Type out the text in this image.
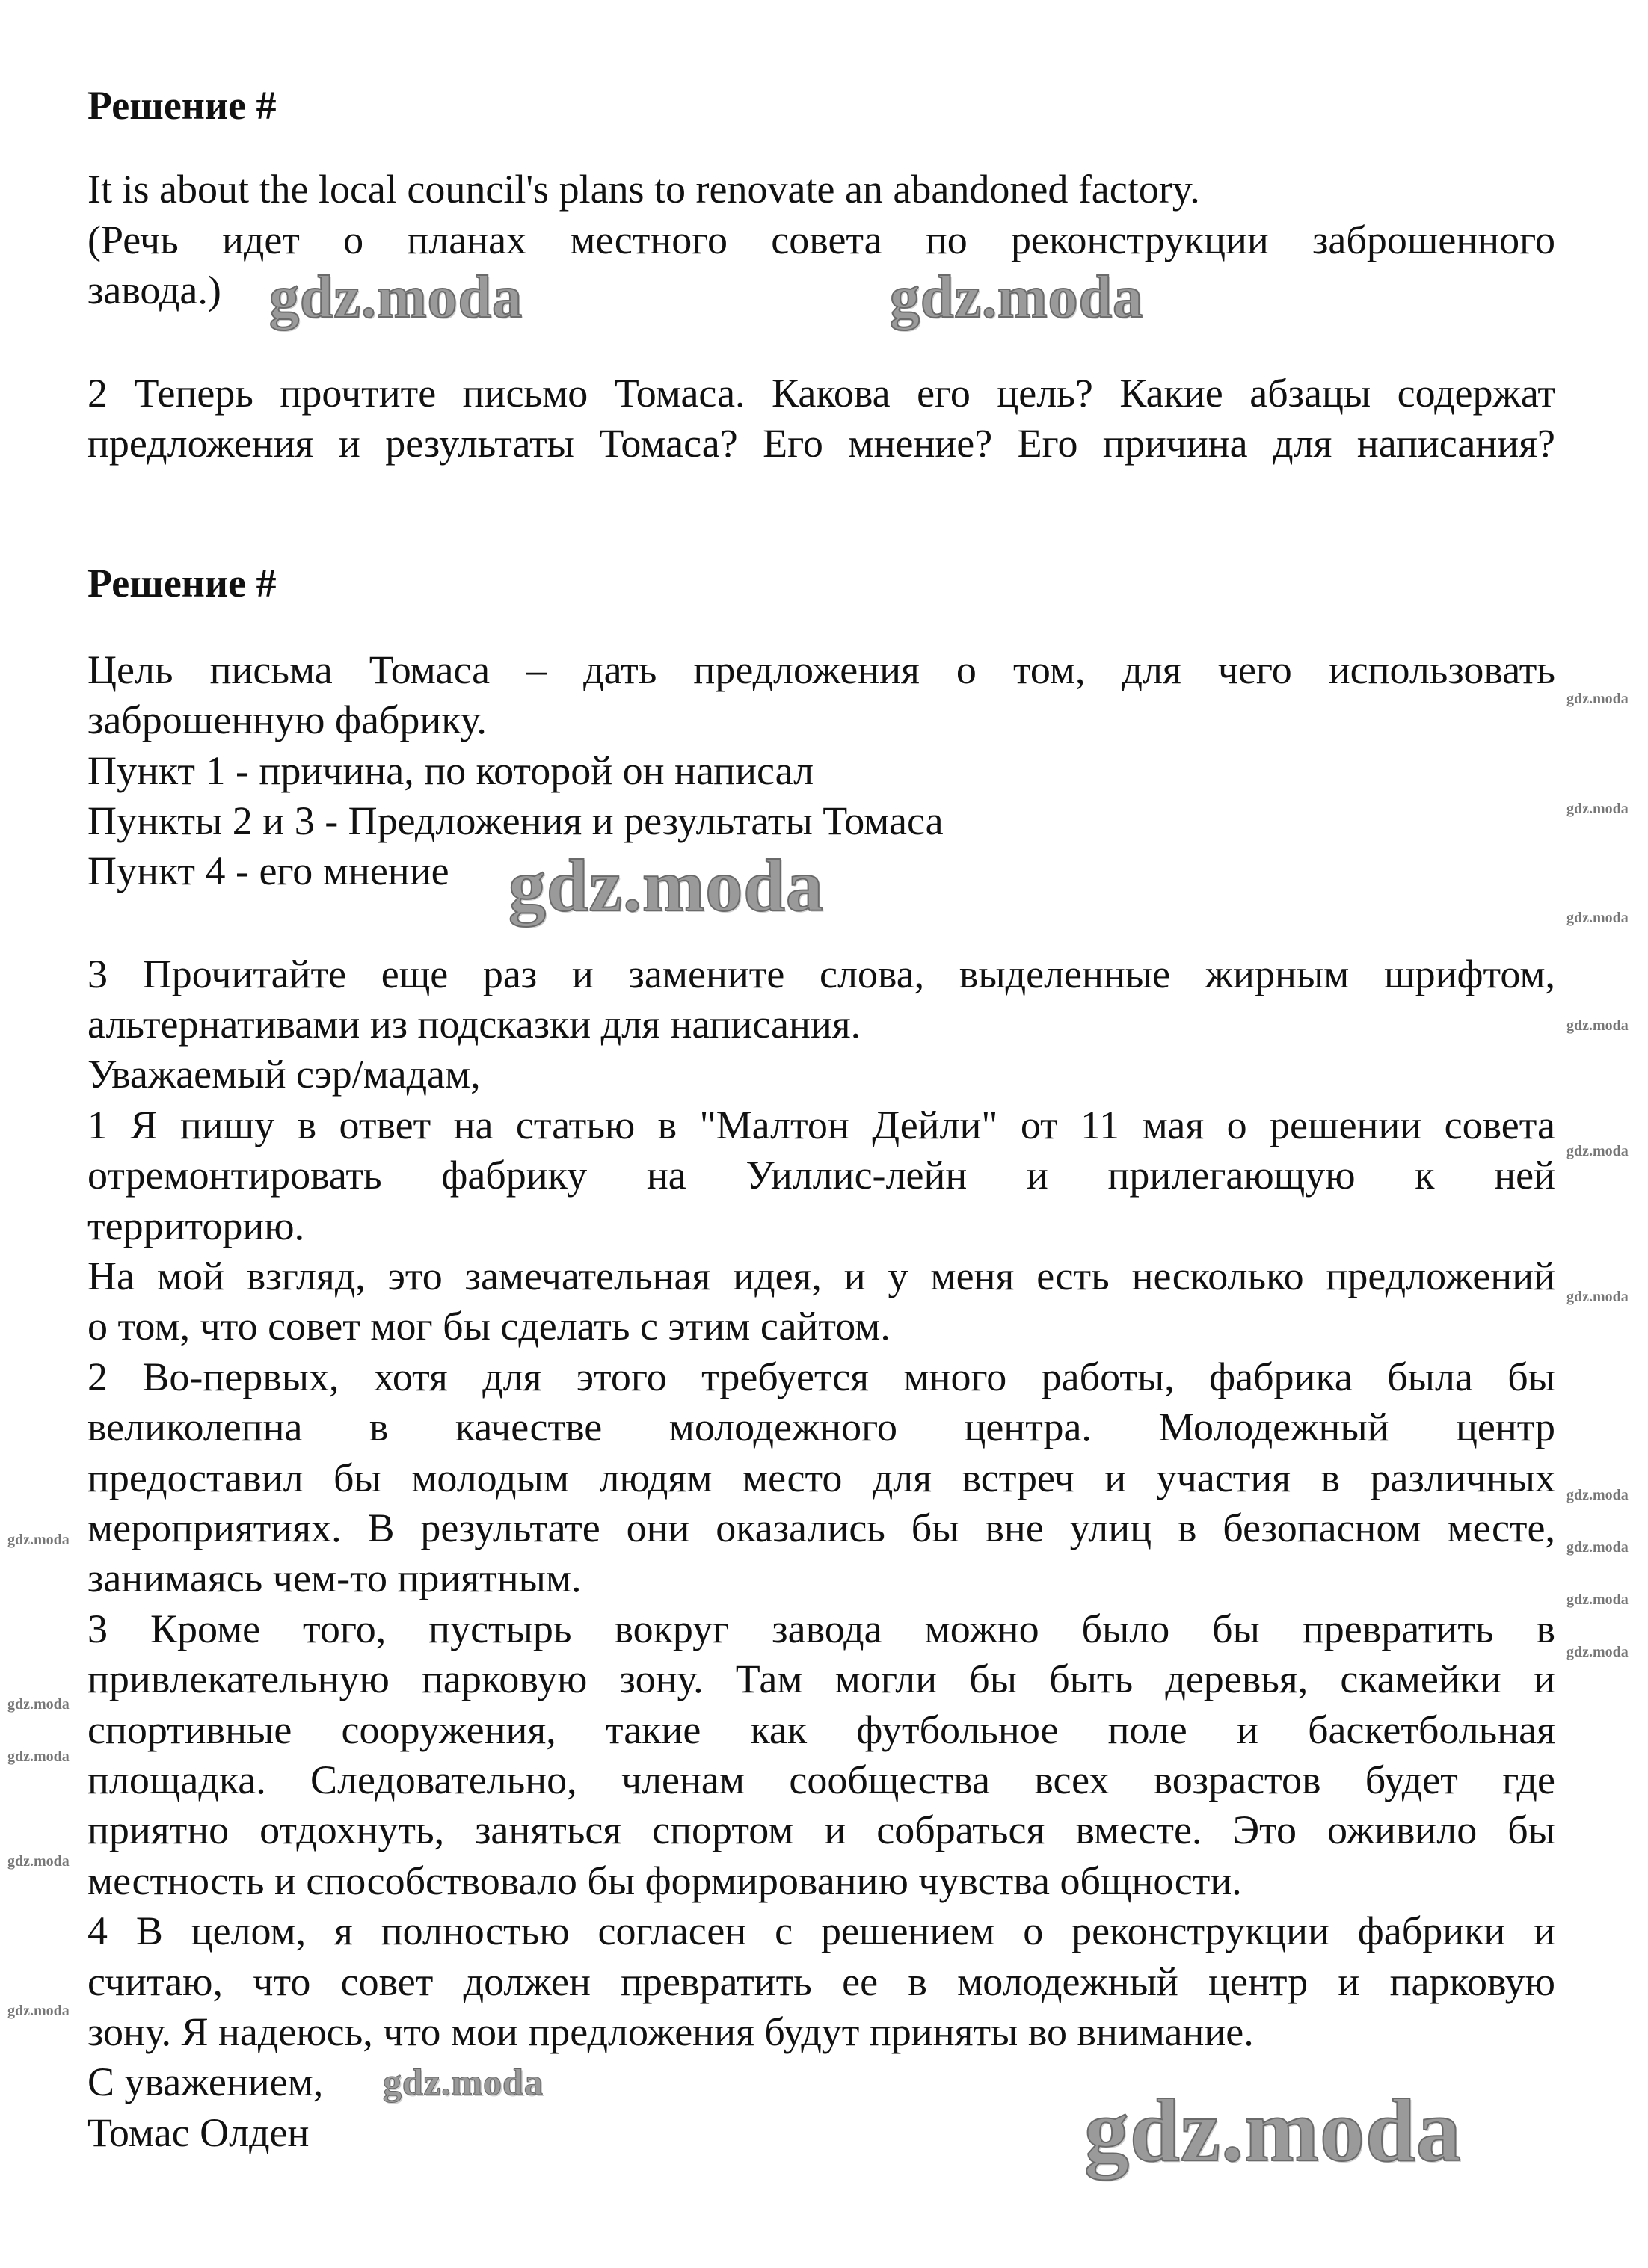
Решение #
It is about the local council's plans to renovate an abandoned factory.
(Речь идет о планах местного совета по реконструкции заброшенного
завода.)
2 Теперь прочтите письмо Томаса. Какова его цель? Какие абзацы содержат
предложения и результаты Томаса? Его мнение? Его причина для написания?
Решение #
Цель письма Томаса – дать предложения о том, для чего использовать
заброшенную фабрику.
Пункт 1 - причина, по которой он написал
Пункты 2 и 3 - Предложения и результаты Томаса
Пункт 4 - его мнение
3 Прочитайте еще раз и замените слова, выделенные жирным шрифтом,
альтернативами из подсказки для написания.
Уважаемый сэр/мадам,
1 Я пишу в ответ на статью в "Малтон Дейли" от 11 мая о решении совета
отремонтировать фабрику на Уиллис-лейн и прилегающую к ней
территорию.
На мой взгляд, это замечательная идея, и у меня есть несколько предложений
о том, что совет мог бы сделать с этим сайтом.
2 Во-первых, хотя для этого требуется много работы, фабрика была бы
великолепна в качестве молодежного центра. Молодежный центр
предоставил бы молодым людям место для встреч и участия в различных
мероприятиях. В результате они оказались бы вне улиц в безопасном месте,
занимаясь чем-то приятным.
3 Кроме того, пустырь вокруг завода можно было бы превратить в
привлекательную парковую зону. Там могли бы быть деревья, скамейки и
спортивные сооружения, такие как футбольное поле и баскетбольная
площадка. Следовательно, членам сообщества всех возрастов будет где
приятно отдохнуть, заняться спортом и собраться вместе. Это оживило бы
местность и способствовало бы формированию чувства общности.
4 В целом, я полностью согласен с решением о реконструкции фабрики и
считаю, что совет должен превратить ее в молодежный центр и парковую
зону. Я надеюсь, что мои предложения будут приняты во внимание.
С уважением,
Томас Олден
gdz.moda	gdz.moda
gdz.moda
gdz.moda
gdz.moda
gdz.moda
gdz.moda
gdz.moda
gdz.moda
gdz.moda
gdz.moda
gdz.moda
gdz.moda
gdz.moda
gdz.moda
gdz.moda
gdz.moda
gdz.moda
gdz.moda
gdz.moda
